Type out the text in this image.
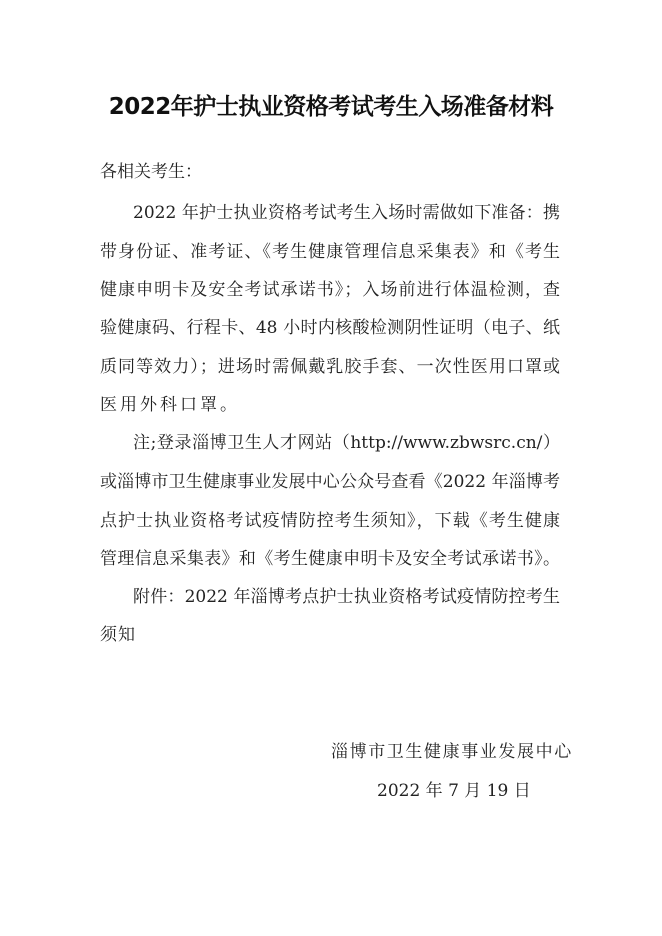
2022年护士执业资格考试考生入场准备材料
各相关考生：
2022 年护士执业资格考试考生入场时需做如下准备：携
带身份证、准考证、《考生健康管理信息采集表》和《考生
健康申明卡及安全考试承诺书》；入场前进行体温检测，查
验健康码、行程卡、48 小时内核酸检测阴性证明（电子、纸
质同等效力）；进场时需佩戴乳胶手套、一次性医用口罩或
医用外科口罩。
注;登录淄博卫生人才网站（http://www.zbwsrc.cn/）
或淄博市卫生健康事业发展中心公众号查看《2022 年淄博考
点护士执业资格考试疫情防控考生须知》，下载《考生健康
管理信息采集表》和《考生健康申明卡及安全考试承诺书》。
附件：2022 年淄博考点护士执业资格考试疫情防控考生
须知
淄博市卫生健康事业发展中心
2022 年 7 月 19 日
